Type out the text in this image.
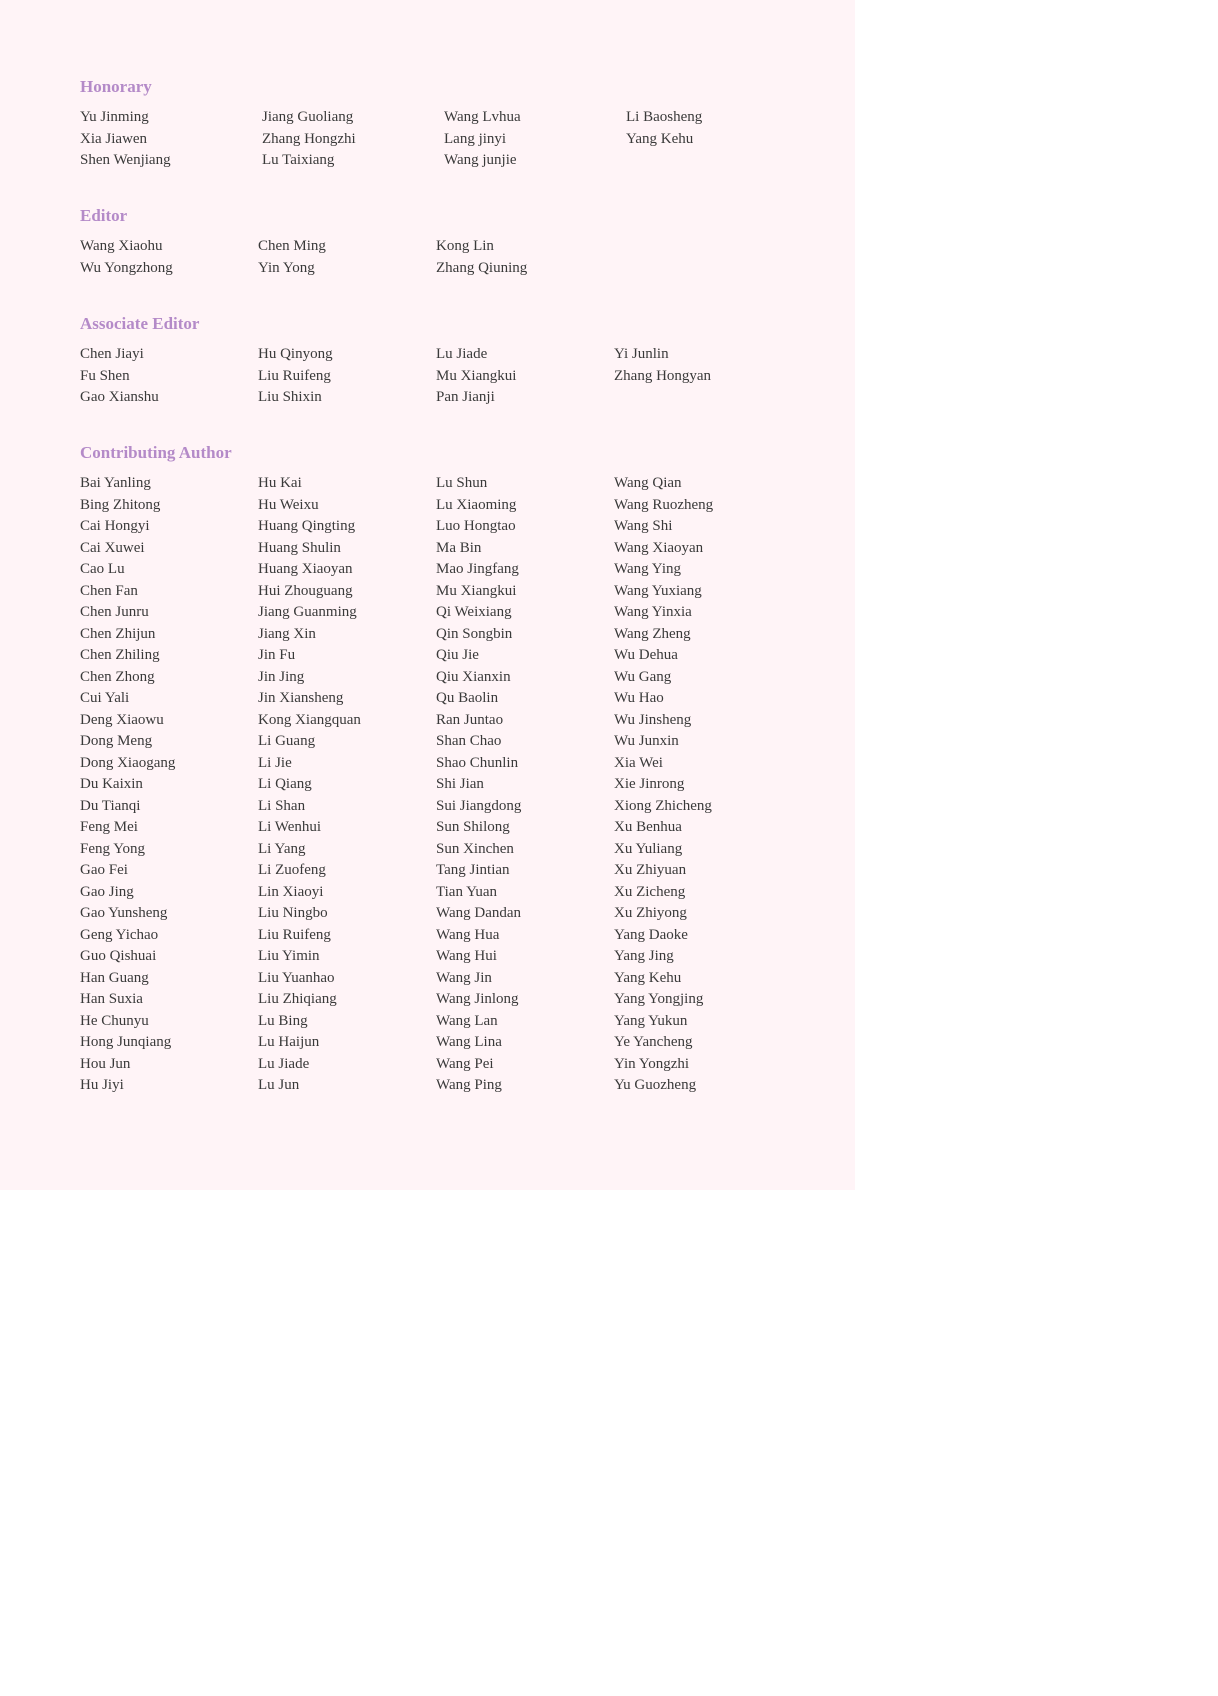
Honorary
Yu Jinming	Jiang Guoliang	Wang Lvhua	Li Baosheng
Xia Jiawen	Zhang Hongzhi	Lang jinyi	Yang Kehu
Shen Wenjiang	Lu Taixiang	Wang junjie
Editor
Wang Xiaohu	Chen Ming	Kong Lin
Wu Yongzhong	Yin Yong	Zhang Qiuning
Associate Editor
Chen Jiayi	Hu Qinyong	Lu Jiade	Yi Junlin
Fu Shen	Liu Ruifeng	Mu Xiangkui	Zhang Hongyan
Gao Xianshu	Liu Shixin	Pan Jianji
Contributing Author
Bai Yanling	Hu Kai	Lu Shun	Wang Qian
Bing Zhitong	Hu Weixu	Lu Xiaoming	Wang Ruozheng
Cai Hongyi	Huang Qingting	Luo Hongtao	Wang Shi
Cai Xuwei	Huang Shulin	Ma Bin	Wang Xiaoyan
Cao Lu	Huang Xiaoyan	Mao Jingfang	Wang Ying
Chen Fan	Hui Zhouguang	Mu Xiangkui	Wang Yuxiang
Chen Junru	Jiang Guanming	Qi Weixiang	Wang Yinxia
Chen Zhijun	Jiang Xin	Qin Songbin	Wang Zheng
Chen Zhiling	Jin Fu	Qiu Jie	Wu Dehua
Chen Zhong	Jin Jing	Qiu Xianxin	Wu Gang
Cui Yali	Jin Xiansheng	Qu Baolin	Wu Hao
Deng Xiaowu	Kong Xiangquan	Ran Juntao	Wu Jinsheng
Dong Meng	Li Guang	Shan Chao	Wu Junxin
Dong Xiaogang	Li Jie	Shao Chunlin	Xia Wei
Du Kaixin	Li Qiang	Shi Jian	Xie Jinrong
Du Tianqi	Li Shan	Sui Jiangdong	Xiong Zhicheng
Feng Mei	Li Wenhui	Sun Shilong	Xu Benhua
Feng Yong	Li Yang	Sun Xinchen	Xu Yuliang
Gao Fei	Li Zuofeng	Tang Jintian	Xu Zhiyuan
Gao Jing	Lin Xiaoyi	Tian Yuan	Xu Zicheng
Gao Yunsheng	Liu Ningbo	Wang Dandan	Xu Zhiyong
Geng Yichao	Liu Ruifeng	Wang Hua	Yang Daoke
Guo Qishuai	Liu Yimin	Wang Hui	Yang Jing
Han Guang	Liu Yuanhao	Wang Jin	Yang Kehu
Han Suxia	Liu Zhiqiang	Wang Jinlong	Yang Yongjing
He Chunyu	Lu Bing	Wang Lan	Yang Yukun
Hong Junqiang	Lu Haijun	Wang Lina	Ye Yancheng
Hou Jun	Lu Jiade	Wang Pei	Yin Yongzhi
Hu Jiyi	Lu Jun	Wang Ping	Yu Guozheng
